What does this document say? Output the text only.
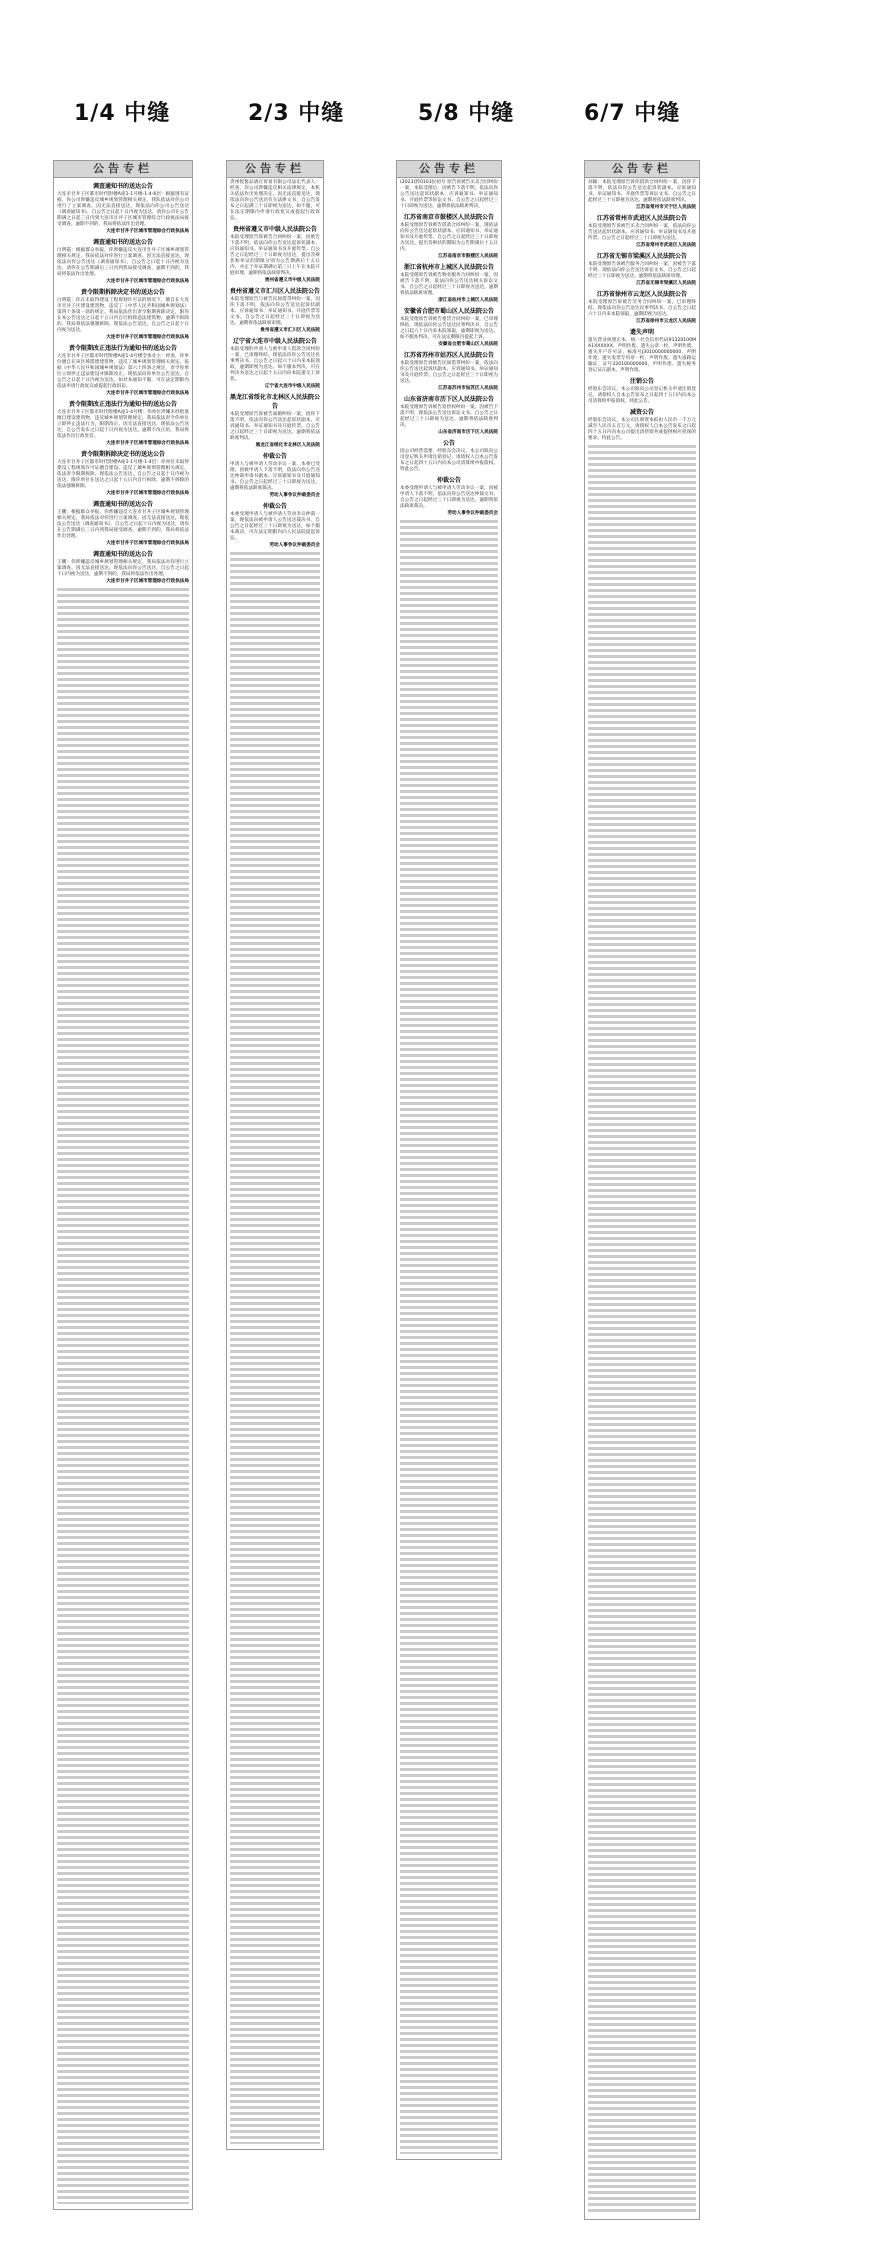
1/4 中缝	2/3 中缝	5/8 中缝	6/7 中缝
公告专栏
调查通知书的送达公告
大连市甘井子区都市时代附楼A座1-1号楼-1-4-6层：根据现有证据，你公司涉嫌违反城乡规划管理相关规定，我队依法对你公司进行了立案调查。因无法直接送达，现依法向你公司公告送达《调查通知书》，自公告之日起十日内视为送达，请你公司在公告期满之日起三日内到大连市甘井子区城市管理综合行政执法局接受调查。逾期不到的，我局将依法作出处理。
大连市甘井子区城市管理综合行政执法局
调查通知书的送达公告
白明霞：根据群众举报，你涉嫌违反大连市甘井子区城乡规划管理相关规定，我局依法对你进行立案调查。因无法直接送达，现依法向你公告送达《调查通知书》，自公告之日起十日内视为送达，请你在公告期满后三日内到我局接受调查，逾期不到的，我局将依法作出处理。
大连市甘井子区城市管理综合行政执法局
责令限期拆除决定书的送达公告
白明霞：你在未取得建设工程规划许可证的情况下，擅自在大连市甘井子区建设建筑物，违反了《中华人民共和国城乡规划法》第四十条第一款的规定。我局依法作出责令限期拆除决定，限你在本公告送达之日起十五日内自行拆除违法建筑物。逾期不拆除的，我局将依法强制拆除。现依法公告送达，自公告之日起十日内视为送达。
大连市甘井子区城市管理综合行政执法局
责令限期改正违法行为通知书的送达公告
大连市甘井子区都市时代附楼A座1-4号楼全体业主：经查，你单位擅自在该区域搭建建筑物，违反了城乡规划管理相关规定。依据《中华人民共和国城乡规划法》第六十四条之规定，责令你单位立即停止违法建设并限期改正。现依法向你单位公告送达，自公告之日起十日内视为送达。如对本通知不服，可在法定期限内依法申请行政复议或提起行政诉讼。
大连市甘井子区城市管理综合行政执法局
责令限期改正违法行为通知书的送达公告
大连市甘井子区都市时代附楼A座1-4号楼：你单位涉嫌未经批准擅自建设建筑物，违反城乡规划管理规定。我局依法责令你单位立即停止违法行为，限期改正。因无法直接送达，现依法公告送达，自公告发布之日起十日内视为送达。逾期不改正的，我局将依法作出行政处罚。
大连市甘井子区城市管理综合行政执法局
责令限期拆除决定书的送达公告
大连市甘井子区都市时代附楼A座1-1号楼-1-4层：你单位未取得建设工程规划许可证擅自建设，违反了城乡规划管理相关规定，依法责令限期拆除。现依法公告送达，自公告之日起十日内视为送达，限你单位在送达之日起十五日内自行拆除，逾期不拆除的依法强制拆除。
大连市甘井子区城市管理综合行政执法局
调查通知书的送达公告
王鹏：根据群众举报，你涉嫌违反大连市甘井子区城乡规划管理相关规定，我局依法对你进行立案调查。因无法直接送达，现依法公告送达《调查通知书》，自公告之日起十日内视为送达，请你在公告期满后三日内到我局接受调查，逾期不到的，我局将依法作出处理。
大连市甘井子区城市管理综合行政执法局
调查通知书的送达公告
王鹏：你涉嫌违反城乡规划管理相关规定，我局依法对你进行立案调查。因无法直接送达，现依法向你公告送达，自公告之日起十日内视为送达，逾期不到的，我局将依法作出处理。
大连市甘井子区城市管理综合行政执法局
公告专栏
贵州悦酱品酒庄贸易有限公司法定代表人：经查，你公司涉嫌违反相关法律规定，本机关依法作出处理决定。因无法直接送达，现依法向你公告送达有关法律文书，自公告发布之日起满三十日即视为送达。如不服，可在法定期限内申请行政复议或提起行政诉讼。
贵州省遵义市中级人民法院公告
本院受理原告诉被告合同纠纷一案，因被告下落不明，依法向你公告送达起诉状副本、应诉通知书、举证通知书及开庭传票。自公告之日起经过三十日即视为送达，提出答辩状和举证的期限分别为公告期满后十五日内，并定于举证期满后第三日上午在本院开庭审理，逾期将依法缺席判决。
贵州省遵义市中级人民法院
贵州省遵义市汇川区人民法院公告
本院受理原告与被告民间借贷纠纷一案，因你下落不明，依法向你公告送达起诉状副本、应诉通知书、举证通知书、开庭传票等文书。自公告之日起经过三十日即视为送达。逾期将依法缺席审理。
贵州省遵义市汇川区人民法院
辽宁省大连市中级人民法院公告
本院受理的申请人与被申请人借款合同纠纷一案，已审理终结。现依法向你公告送达民事判决书。自公告之日起六十日内来本院领取，逾期即视为送达。如不服本判决，可在判决书送达之日起十五日内向本院递交上诉状。
辽宁省大连市中级人民法院
黑龙江省绥化市北林区人民法院公告
本院受理原告诉被告离婚纠纷一案，因你下落不明，依法向你公告送达起诉状副本、应诉通知书、举证通知书及开庭传票。自公告之日起经过三十日即视为送达。逾期将依法缺席判决。
黑龙江省绥化市北林区人民法院
仲裁公告
申请人与被申请人劳动争议一案，本委已受理。因被申请人下落不明，依法向你公告送达仲裁申请书副本、应诉通知书及开庭通知书。自公告之日起经过三十日即视为送达，逾期将依法缺席裁决。
劳动人事争议仲裁委员会
仲裁公告
本委受理申请人与被申请人劳动争议仲裁一案，现依法向被申请人公告送达裁决书，自公告之日起经过三十日即视为送达。如不服本裁决，可在法定期限内向人民法院提起诉讼。
劳动人事争议仲裁委员会
公告专栏
(2023)黔0103民初号 原告诉被告买卖合同纠纷一案，本院受理后，因被告下落不明，依法向你公告送达起诉状副本、应诉通知书、举证通知书、开庭传票等诉讼文书。自公告之日起经过三十日即视为送达。逾期将依法缺席判决。
江苏省南京市鼓楼区人民法院公告
本院受理原告诉被告借款合同纠纷一案，现依法向你公告送达起诉状副本、应诉通知书、举证通知书及开庭传票。自公告之日起经过三十日即视为送达。提出答辩状的期限为公告期满后十五日内。
江苏省南京市鼓楼区人民法院
浙江省杭州市上城区人民法院公告
本院受理原告诉被告物业服务合同纠纷一案，因被告下落不明，依法向你公告送达相关诉讼文书。自公告之日起经过三十日即视为送达，逾期将依法缺席审理。
浙江省杭州市上城区人民法院
安徽省合肥市蜀山区人民法院公告
本院受理原告诉被告租赁合同纠纷一案，已审理终结。现依法向你公告送达民事判决书，自公告之日起六十日内来本院领取，逾期即视为送达。如不服本判决，可在法定期限内提起上诉。
安徽省合肥市蜀山区人民法院
江苏省苏州市姑苏区人民法院公告
本院受理原告诉被告民间借贷纠纷一案，依法向你公告送达起诉状副本、应诉通知书、举证通知书及开庭传票。自公告之日起经过三十日即视为送达。
江苏省苏州市姑苏区人民法院
山东省济南市历下区人民法院公告
本院受理原告诉被告追偿权纠纷一案，因被告下落不明，现依法公告送达诉讼文书。自公告之日起经过三十日即视为送达，逾期将依法缺席判决。
山东省济南市历下区人民法院
公告
因公司经营需要，经股东会决议，本公司拟向公司登记机关申请注销登记，请债权人自本公告发布之日起四十五日内向本公司清算组申报债权。特此公告。
仲裁公告
本委受理申请人与被申请人劳动争议一案，因被申请人下落不明，依法向你公告送达仲裁文书。自公告之日起经过三十日即视为送达，逾期将依法缺席裁决。
劳动人事争议仲裁委员会
公告专栏
刘颖：本院受理原告诉你借款合同纠纷一案，因你下落不明，依法向你公告送达起诉状副本、应诉通知书、举证通知书、开庭传票等诉讼文书。自公告之日起经过三十日即视为送达。逾期将依法缺席判决。
江苏省常州市天宁区人民法院
江苏省常州市武进区人民法院公告
本院受理原告诉被告买卖合同纠纷一案，依法向你公告送达起诉状副本、应诉通知书、举证通知书及开庭传票。自公告之日起经过三十日即视为送达。
江苏省常州市武进区人民法院
江苏省无锡市梁溪区人民法院公告
本院受理原告诉被告服务合同纠纷一案，因被告下落不明，现依法向你公告送达诉讼文书。自公告之日起经过三十日即视为送达。逾期将依法缺席审理。
江苏省无锡市梁溪区人民法院
江苏省徐州市云龙区人民法院公告
本院受理原告诉被告劳务合同纠纷一案，已审理终结。现依法向你公告送达民事判决书，自公告之日起六十日内来本院领取，逾期即视为送达。
江苏省徐州市云龙区人民法院
遗失声明
遗失营业执照正本，统一社会信用代码91320100MA1XXXXXX，声明作废。遗失公章一枚，声明作废。遗失开户许可证，核准号J3010000000000，声明作废。遗失发票专用章一枚，声明作废。遗失道路运输证，证号320100000000，声明作废。遗失税务登记证正副本，声明作废。
注销公告
经股东会决议，本公司拟向公司登记机关申请注销登记，请债权人自本公告发布之日起四十五日内向本公司清算组申报债权。特此公告。
减资公告
经股东会决议，本公司注册资本拟由人民币一千万元减至人民币五百万元，请债权人自本公告发布之日起四十五日内向本公司提出清偿债务或提供相应担保的要求。特此公告。
